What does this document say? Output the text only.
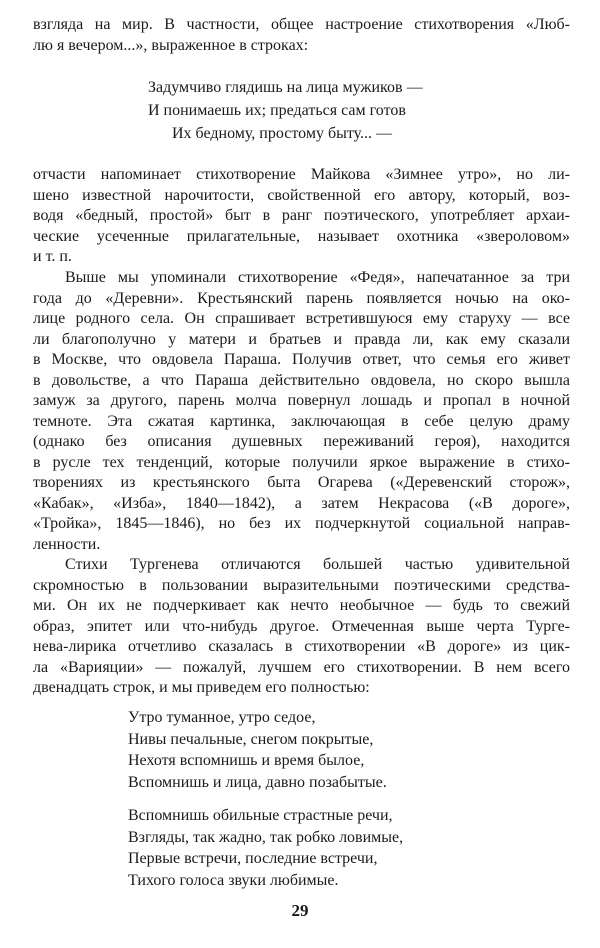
взгляда на мир. В частности, общее настроение стихотворения «Люб-
лю я вечером...», выраженное в строках:
Задумчиво глядишь на лица мужиков —
И понимаешь их; предаться сам готов
  Их бедному, простому быту... —
отчасти напоминает стихотворение Майкова «Зимнее утро», но ли-
шено известной нарочитости, свойственной его автору, который, воз-
водя «бедный, простой» быт в ранг поэтического, употребляет архаи-
ческие усеченные прилагательные, называет охотника «звероловом»
и т. п.
Выше мы упоминали стихотворение «Федя», напечатанное за три
года до «Деревни». Крестьянский парень появляется ночью на око-
лице родного села. Он спрашивает встретившуюся ему старуху — все
ли благополучно у матери и братьев и правда ли, как ему сказали
в Москве, что овдовела Параша. Получив ответ, что семья его живет
в довольстве, а что Параша действительно овдовела, но скоро вышла
замуж за другого, парень молча повернул лошадь и пропал в ночной
темноте. Эта сжатая картинка, заключающая в себе целую драму
(однако без описания душевных переживаний героя), находится
в русле тех тенденций, которые получили яркое выражение в стихо-
творениях из крестьянского быта Огарева («Деревенский сторож»,
«Кабак», «Изба», 1840—1842), а затем Некрасова («В дороге»,
«Тройка», 1845—1846), но без их подчеркнутой социальной направ-
ленности.
Стихи Тургенева отличаются большей частью удивительной
скромностью в пользовании выразительными поэтическими средства-
ми. Он их не подчеркивает как нечто необычное — будь то свежий
образ, эпитет или что-нибудь другое. Отмеченная выше черта Турге-
нева-лирика отчетливо сказалась в стихотворении «В дороге» из цик-
ла «Варияции» — пожалуй, лучшем его стихотворении. В нем всего
двенадцать строк, и мы приведем его полностью:
Утро туманное, утро седое,
Нивы печальные, снегом покрытые,
Нехотя вспомнишь и время былое,
Вспомнишь и лица, давно позабытые.
Вспомнишь обильные страстные речи,
Взгляды, так жадно, так робко ловимые,
Первые встречи, последние встречи,
Тихого голоса звуки любимые.
29
